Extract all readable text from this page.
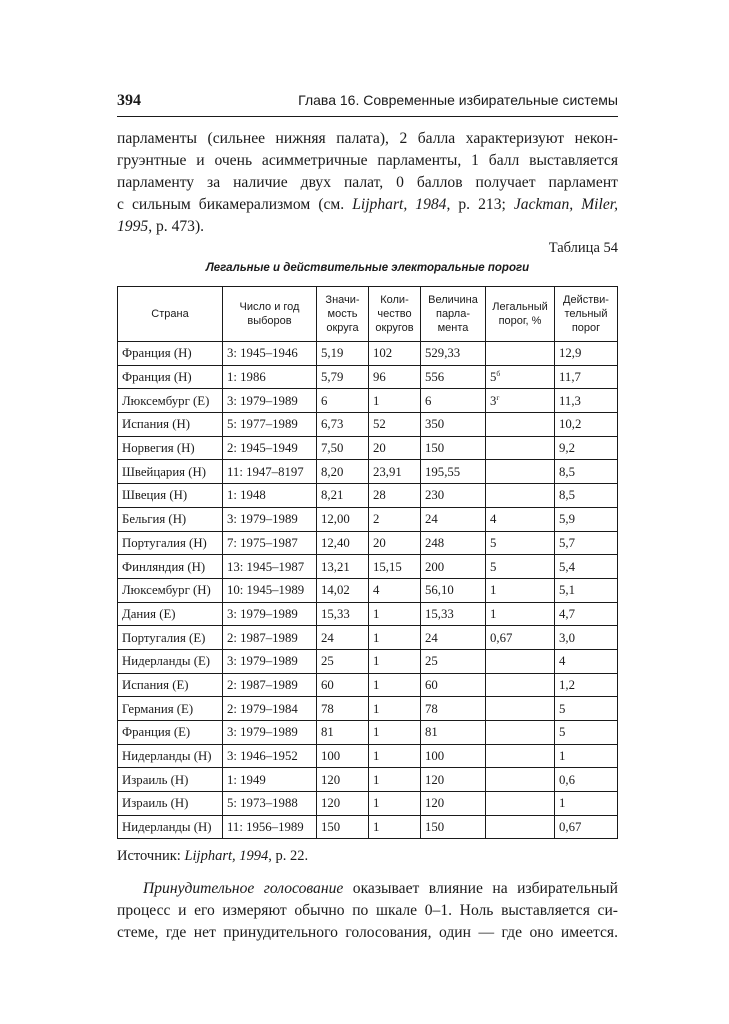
394	Глава 16. Современные избирательные системы
парламенты (сильнее нижняя палата), 2 балла характеризуют некон-
груэнтные и очень асимметричные парламенты, 1 балл выставляется
парламенту за наличие двух палат, 0 баллов получает парламент
с сильным бикамерализмом (см. Lijphart, 1984, p. 213; Jackman, Miler,
1995, p. 473).
Таблица 54
Легальные и действительные электоральные пороги
Страна	Число и год выборов	Значи-мость округа	Коли-чество округов	Величина парла-мента	Легальный порог, %	Действи-тельный порог
Франция (Н)	3: 1945–1946	5,19	102	529,33		12,9
Франция (Н)	1: 1986	5,79	96	556	$5^б$	11,7
Люксембург (Е)	3: 1979–1989	6	1	6	$3^г$	11,3
Испания (Н)	5: 1977–1989	6,73	52	350		10,2
Норвегия (Н)	2: 1945–1949	7,50	20	150		9,2
Швейцария (Н)	11: 1947–8197	8,20	23,91	195,55		8,5
Швеция (Н)	1: 1948	8,21	28	230		8,5
Бельгия (Н)	3: 1979–1989	12,00	2	24	4	5,9
Португалия (Н)	7: 1975–1987	12,40	20	248	5	5,7
Финляндия (Н)	13: 1945–1987	13,21	15,15	200	5	5,4
Люксембург (Н)	10: 1945–1989	14,02	4	56,10	1	5,1
Дания (Е)	3: 1979–1989	15,33	1	15,33	1	4,7
Португалия (Е)	2: 1987–1989	24	1	24	0,67	3,0
Нидерланды (Е)	3: 1979–1989	25	1	25		4
Испания (Е)	2: 1987–1989	60	1	60		1,2
Германия (Е)	2: 1979–1984	78	1	78		5
Франция (Е)	3: 1979–1989	81	1	81		5
Нидерланды (Н)	3: 1946–1952	100	1	100		1
Израиль (Н)	1: 1949	120	1	120		0,6
Израиль (Н)	5: 1973–1988	120	1	120		1
Нидерланды (Н)	11: 1956–1989	150	1	150		0,67
Источник: Lijphart, 1994, p. 22.
Принудительное голосование оказывает влияние на избирательный
процесс и его измеряют обычно по шкале 0–1. Ноль выставляется си-
стеме, где нет принудительного голосования, один — где оно имеется.
